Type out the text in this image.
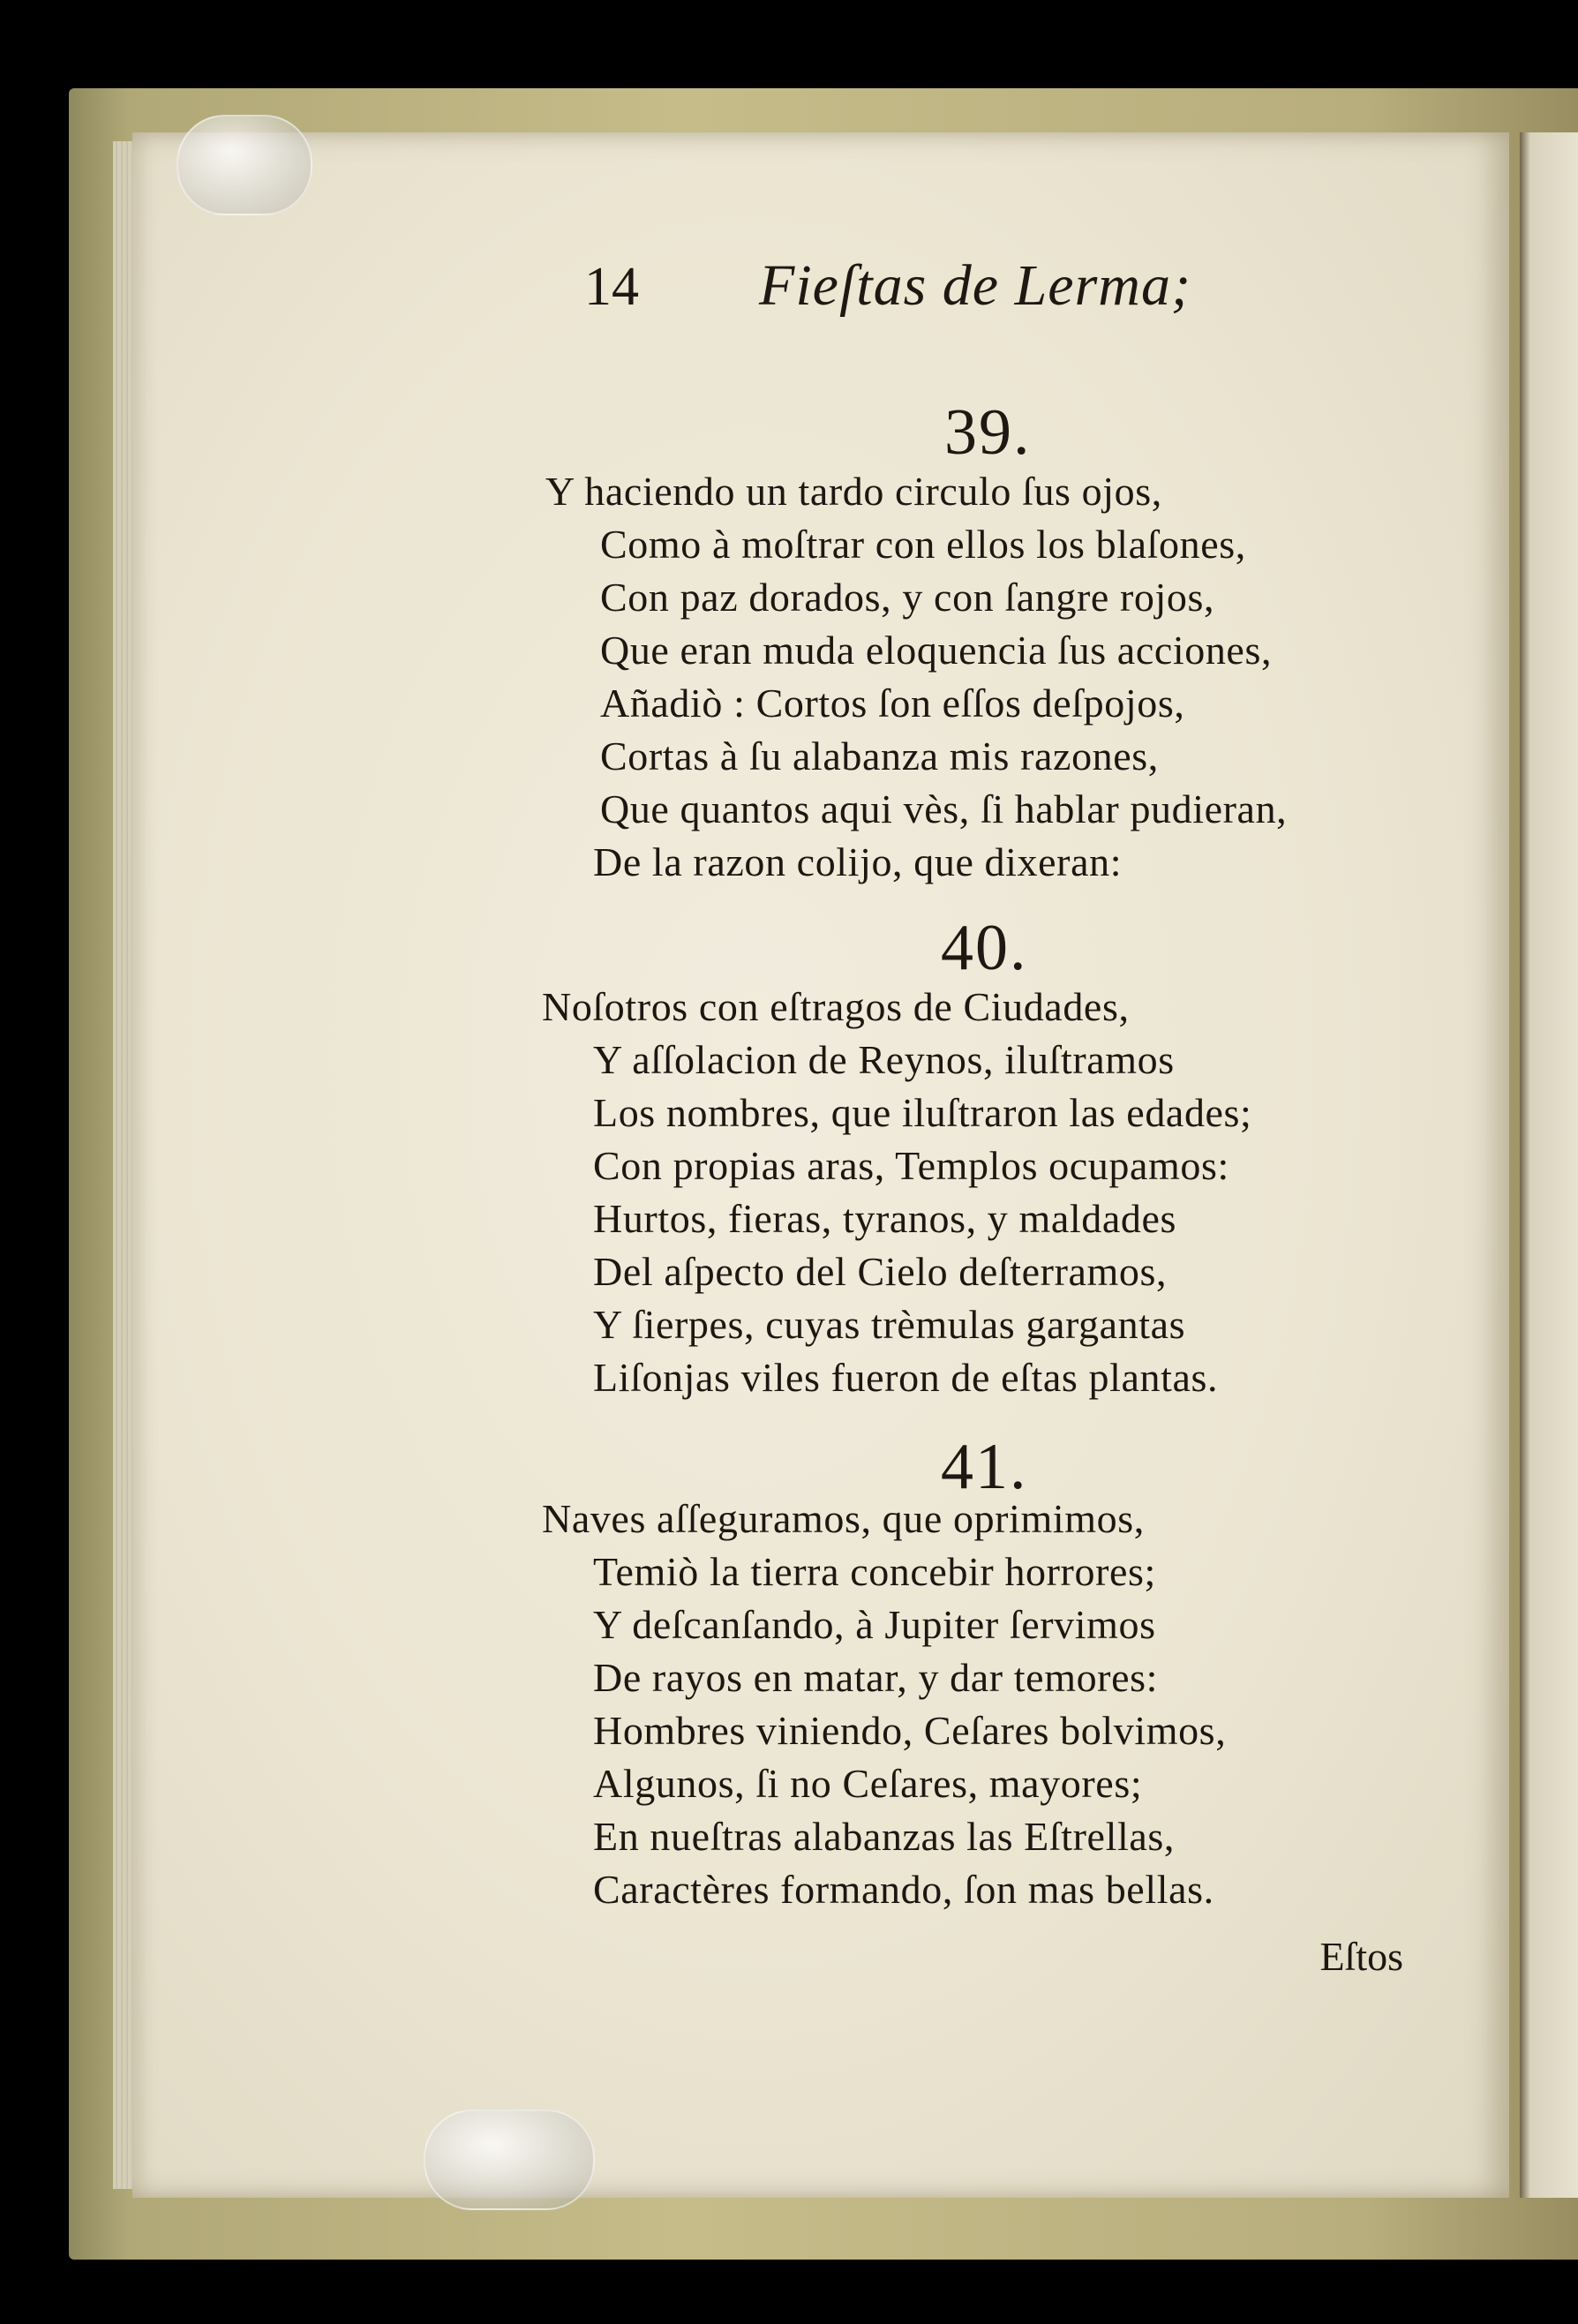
14 Fieſtas de Lerma;
39.
Y haciendo un tardo circulo ſus ojos,
Como à moſtrar con ellos los blaſones,
Con paz dorados, y con ſangre rojos,
Que eran muda eloquencia ſus acciones,
Añadiò : Cortos ſon eſſos deſpojos,
Cortas à ſu alabanza mis razones,
Que quantos aqui vès, ſi hablar pudieran,
De la razon colijo, que dixeran:
40.
Noſotros con eſtragos de Ciudades,
Y aſſolacion de Reynos, iluſtramos
Los nombres, que iluſtraron las edades;
Con propias aras, Templos ocupamos:
Hurtos, fieras, tyranos, y maldades
Del aſpecto del Cielo deſterramos,
Y ſierpes, cuyas trèmulas gargantas
Liſonjas viles fueron de eſtas plantas.
41.
Naves aſſeguramos, que oprimimos,
Temiò la tierra concebir horrores;
Y deſcanſando, à Jupiter ſervimos
De rayos en matar, y dar temores:
Hombres viniendo, Ceſares bolvimos,
Algunos, ſi no Ceſares, mayores;
En nueſtras alabanzas las Eſtrellas,
Caractères formando, ſon mas bellas.
Eſtos
